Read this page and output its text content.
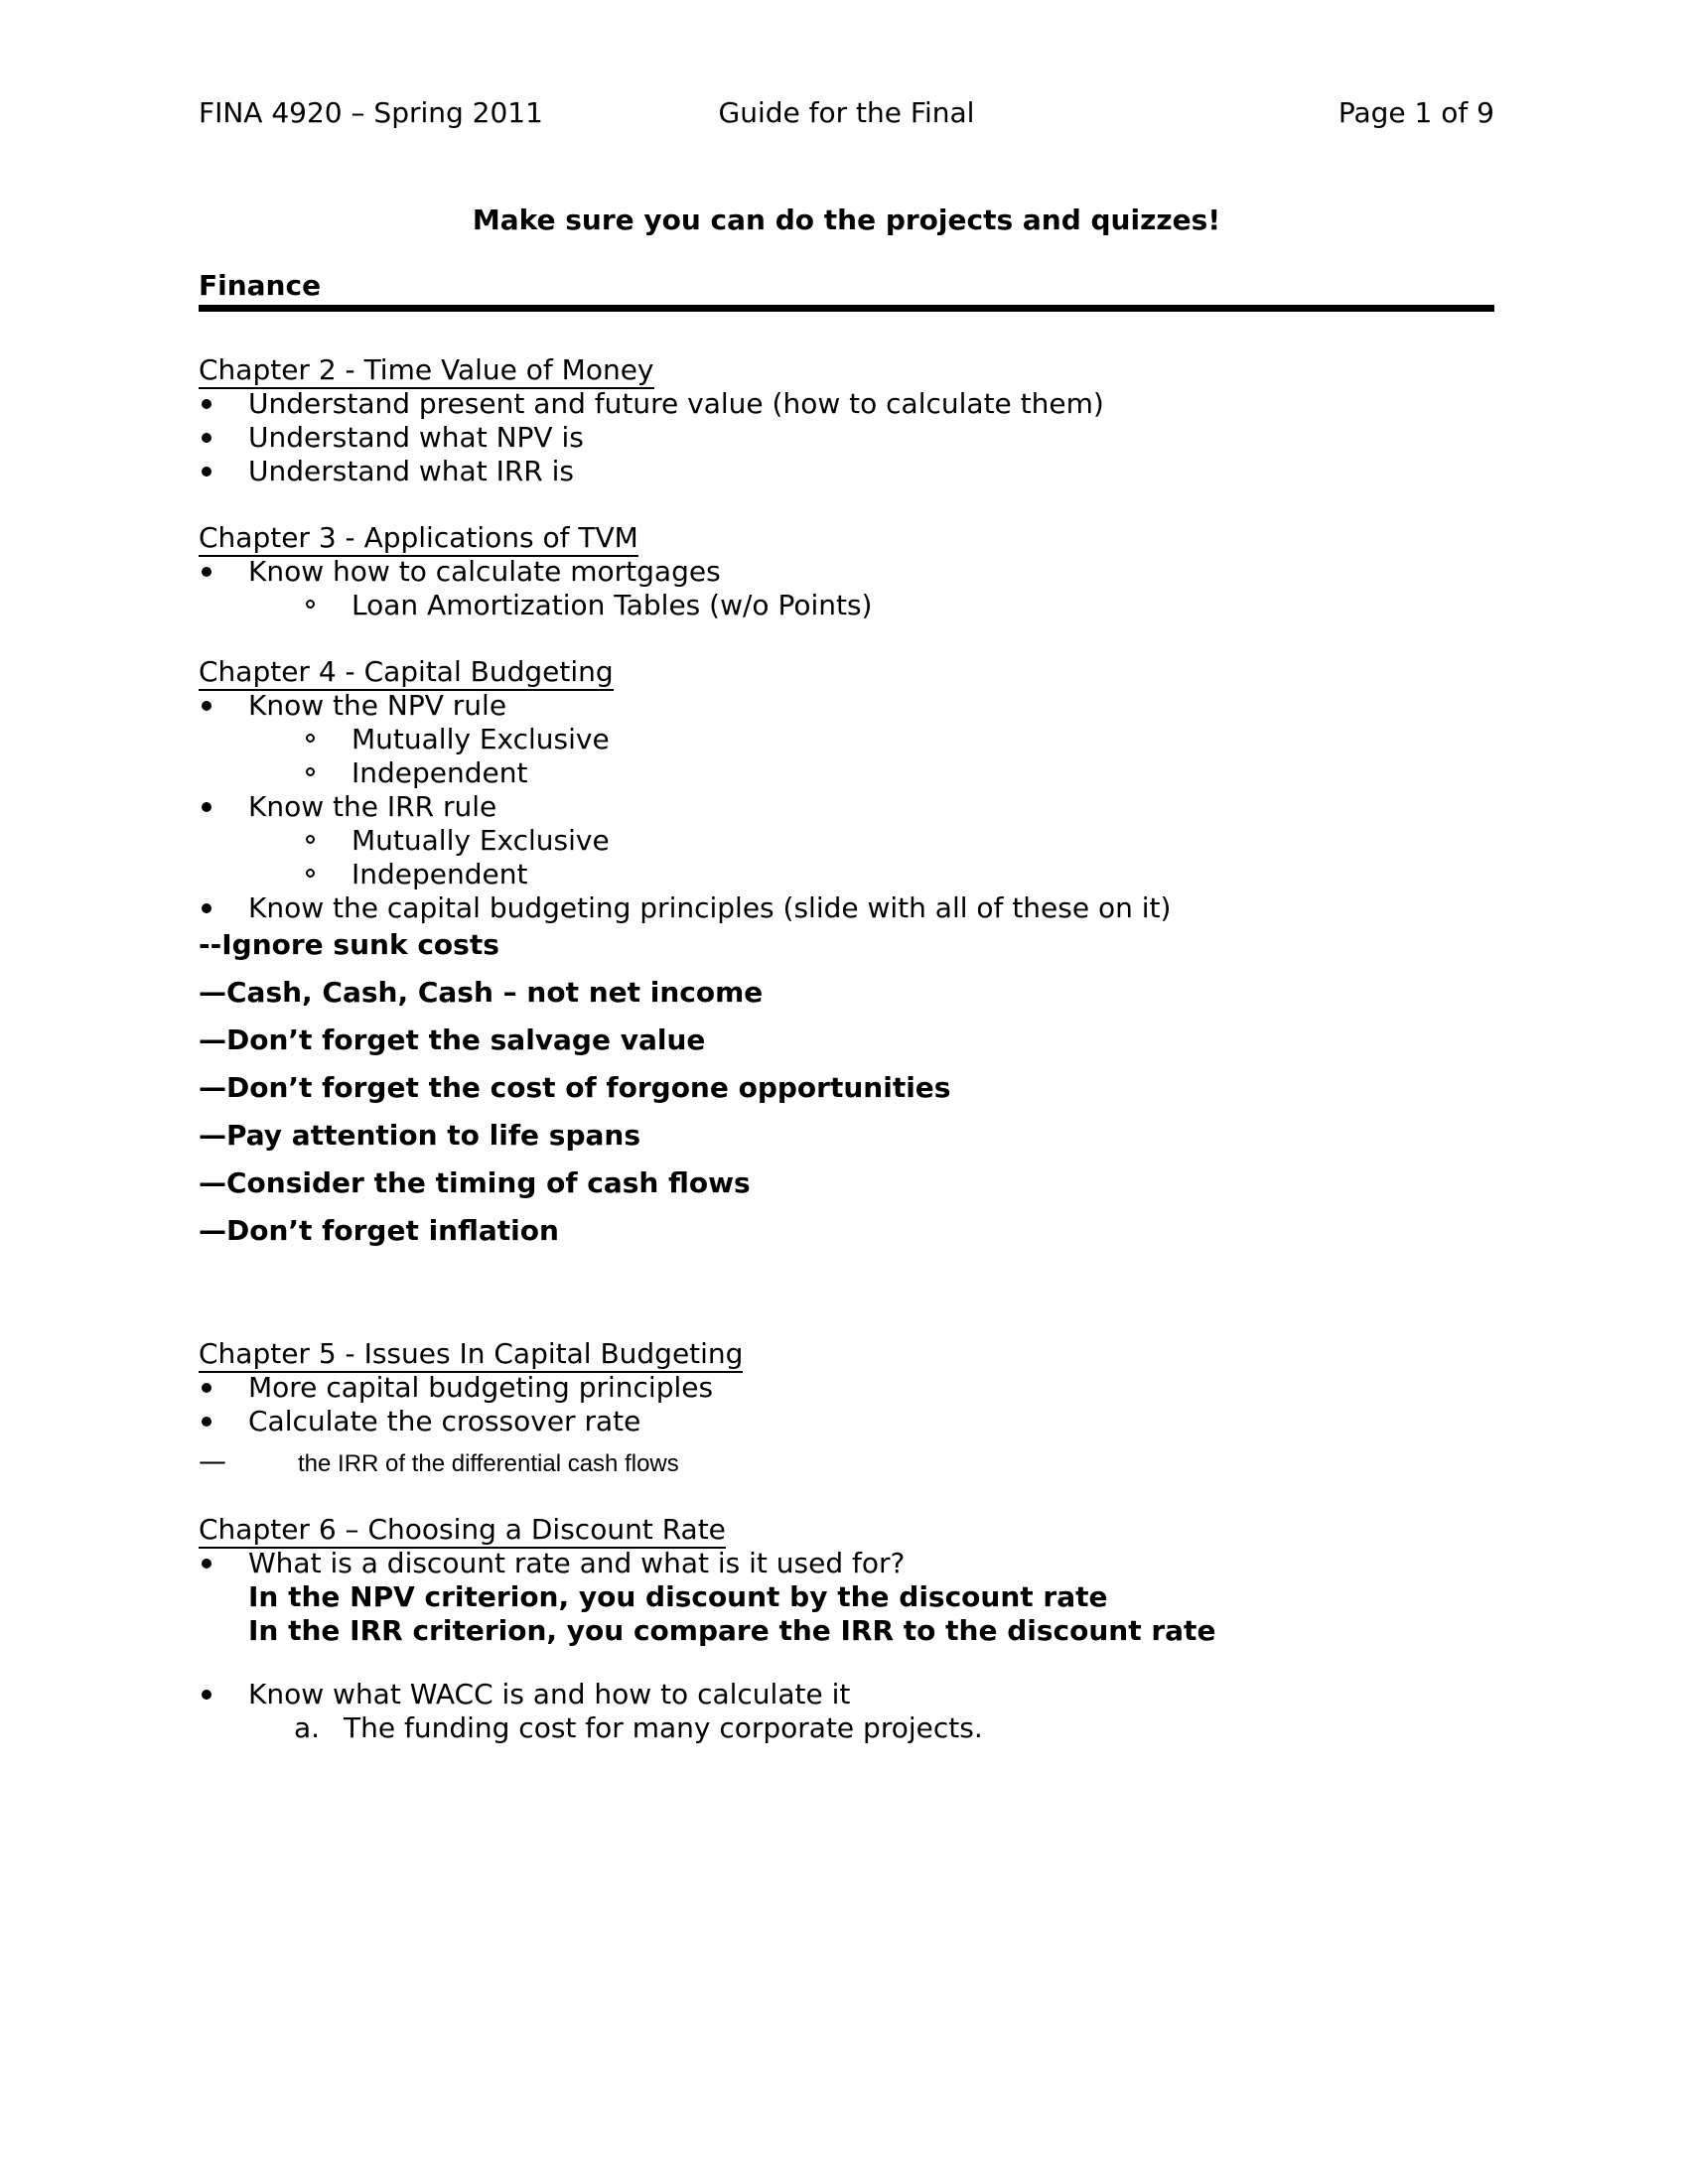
FINA 4920 – Spring 2011	Guide for the Final	Page 1 of 9
Make sure you can do the projects and quizzes!
Finance
Chapter 2 - Time Value of Money
Understand present and future value (how to calculate them)
Understand what NPV is
Understand what IRR is
Chapter 3 - Applications of TVM
Know how to calculate mortgages
Loan Amortization Tables (w/o Points)
Chapter 4 - Capital Budgeting
Know the NPV rule
Mutually Exclusive
Independent
Know the IRR rule
Mutually Exclusive
Independent
Know the capital budgeting principles (slide with all of these on it)
--Ignore sunk costs
—Cash, Cash, Cash – not net income
—Don’t forget the salvage value
—Don’t forget the cost of forgone opportunities
—Pay attention to life spans
—Consider the timing of cash flows
—Don’t forget inflation
Chapter 5 - Issues In Capital Budgeting
More capital budgeting principles
Calculate the crossover rate
—	the IRR of the differential cash flows
Chapter 6 – Choosing a Discount Rate
What is a discount rate and what is it used for?
In the NPV criterion, you discount by the discount rate
In the IRR criterion, you compare the IRR to the discount rate
Know what WACC is and how to calculate it
a. The funding cost for many corporate projects.
